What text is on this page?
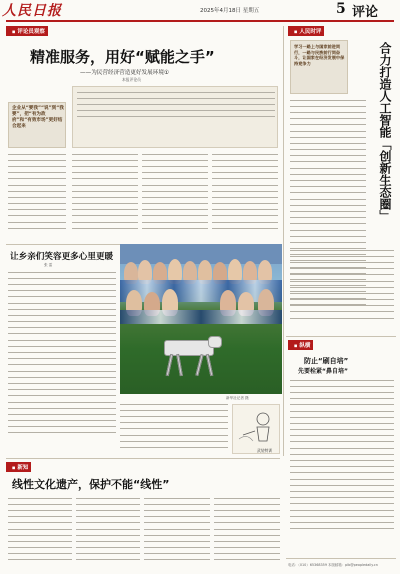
人民日报	2025年4月18日 星期五	5 评论
◼ 评论员观察
精准服务，用好“赋能之手”
——为民营经济营造更好发展环境①
本报评论员
企业从“要我”“说”到“我要”，把“有为政府”和“有效市场”更好结合起来
让乡亲们笑容更多心里更暖
张 雷
新华社记者 摄
武装特训
◼ 新知
线性文化遗产，保护不能“线性”
◼ 人民时评
学习一路上与国家前进同行，一路与民族前行同奋斗，让国家在经济发展中保持竞争力	合力打造人工智能「创新生态圈」
◼ 纵横
防止“刷自培”
先要栓紧“鼻自培”
电话：（010）65368359 本版邮箱：plb@peopledaily.cn
